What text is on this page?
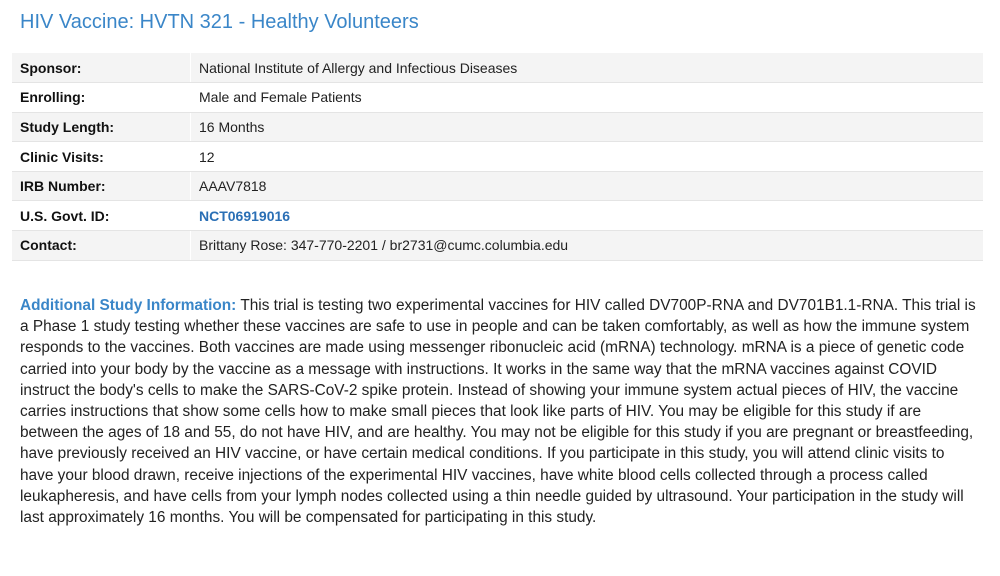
HIV Vaccine: HVTN 321 - Healthy Volunteers
Sponsor:	National Institute of Allergy and Infectious Diseases
Enrolling:	Male and Female Patients
Study Length:	16 Months
Clinic Visits:	12
IRB Number:	AAAV7818
U.S. Govt. ID:	NCT06919016
Contact:	Brittany Rose: 347-770-2201 / br2731@cumc.columbia.edu

Additional Study Information: This trial is testing two experimental vaccines for HIV called DV700P-RNA and DV701B1.1-RNA. This trial is a Phase 1 study testing whether these vaccines are safe to use in people and can be taken comfortably, as well as how the immune system responds to the vaccines. Both vaccines are made using messenger ribonucleic acid (mRNA) technology. mRNA is a piece of genetic code carried into your body by the vaccine as a message with instructions. It works in the same way that the mRNA vaccines against COVID instruct the body's cells to make the SARS-CoV-2 spike protein. Instead of showing your immune system actual pieces of HIV, the vaccine carries instructions that show some cells how to make small pieces that look like parts of HIV. You may be eligible for this study if are between the ages of 18 and 55, do not have HIV, and are healthy. You may not be eligible for this study if you are pregnant or breastfeeding, have previously received an HIV vaccine, or have certain medical conditions. If you participate in this study, you will attend clinic visits to have your blood drawn, receive injections of the experimental HIV vaccines, have white blood cells collected through a process called leukapheresis, and have cells from your lymph nodes collected using a thin needle guided by ultrasound. Your participation in the study will last approximately 16 months. You will be compensated for participating in this study.
